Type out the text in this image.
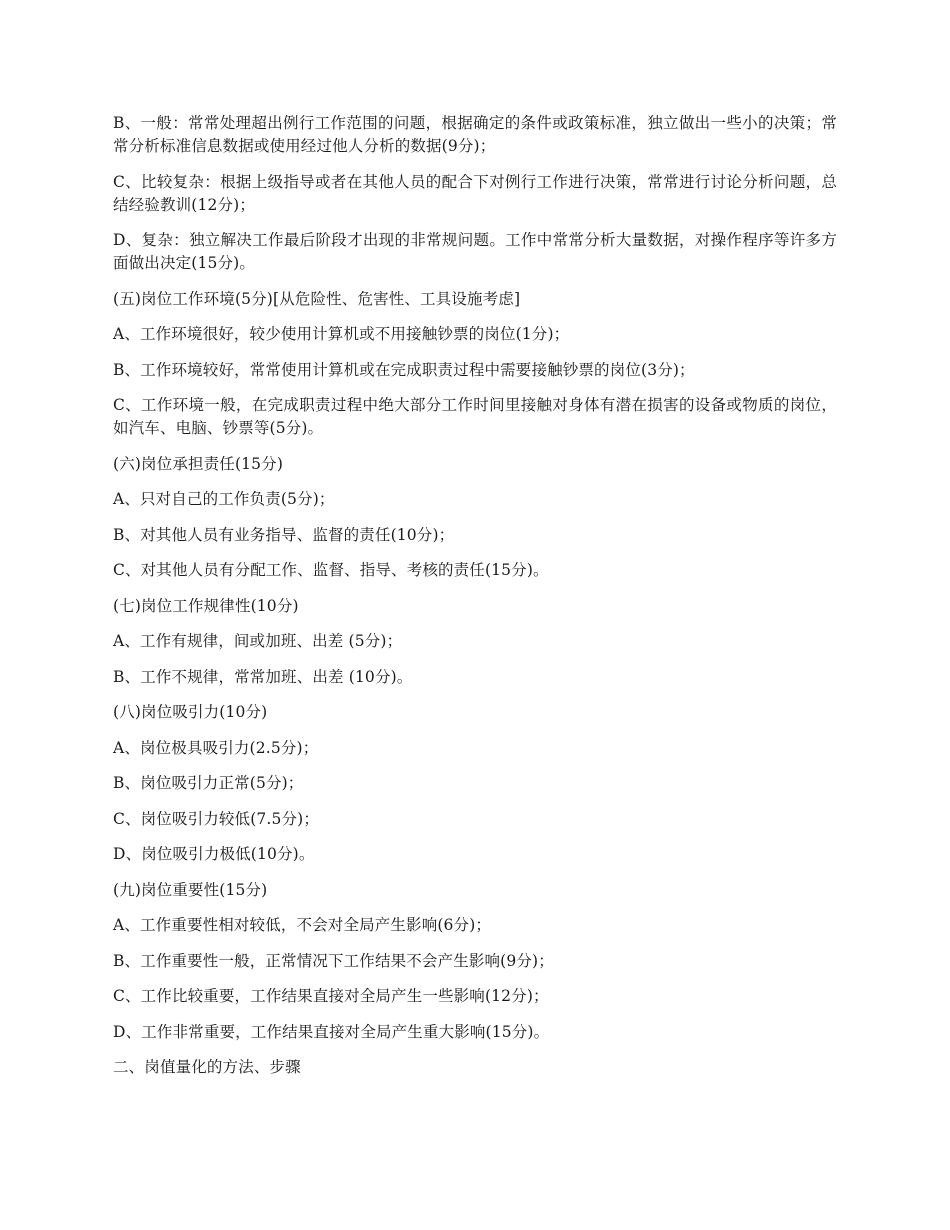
B、一般：常常处理超出例行工作范围的问题，根据确定的条件或政策标准，独立做出一些小的决策；常常分析标准信息数据或使用经过他人分析的数据(9分)；

C、比较复杂：根据上级指导或者在其他人员的配合下对例行工作进行决策，常常进行讨论分析问题，总结经验教训(12分)；

D、复杂：独立解决工作最后阶段才出现的非常规问题。工作中常常分析大量数据，对操作程序等许多方面做出决定(15分)。

(五)岗位工作环境(5分)[从危险性、危害性、工具设施考虑]

A、工作环境很好，较少使用计算机或不用接触钞票的岗位(1分)；

B、工作环境较好，常常使用计算机或在完成职责过程中需要接触钞票的岗位(3分)；

C、工作环境一般，在完成职责过程中绝大部分工作时间里接触对身体有潜在损害的设备或物质的岗位，如汽车、电脑、钞票等(5分)。

(六)岗位承担责任(15分)

A、只对自己的工作负责(5分)；

B、对其他人员有业务指导、监督的责任(10分)；

C、对其他人员有分配工作、监督、指导、考核的责任(15分)。

(七)岗位工作规律性(10分)

A、工作有规律，间或加班、出差 (5分)；

B、工作不规律，常常加班、出差 (10分)。

(八)岗位吸引力(10分)

A、岗位极具吸引力(2.5分)；

B、岗位吸引力正常(5分)；

C、岗位吸引力较低(7.5分)；

D、岗位吸引力极低(10分)。

(九)岗位重要性(15分)

A、工作重要性相对较低，不会对全局产生影响(6分)；

B、工作重要性一般，正常情况下工作结果不会产生影响(9分)；

C、工作比较重要，工作结果直接对全局产生一些影响(12分)；

D、工作非常重要，工作结果直接对全局产生重大影响(15分)。

二、岗值量化的方法、步骤
